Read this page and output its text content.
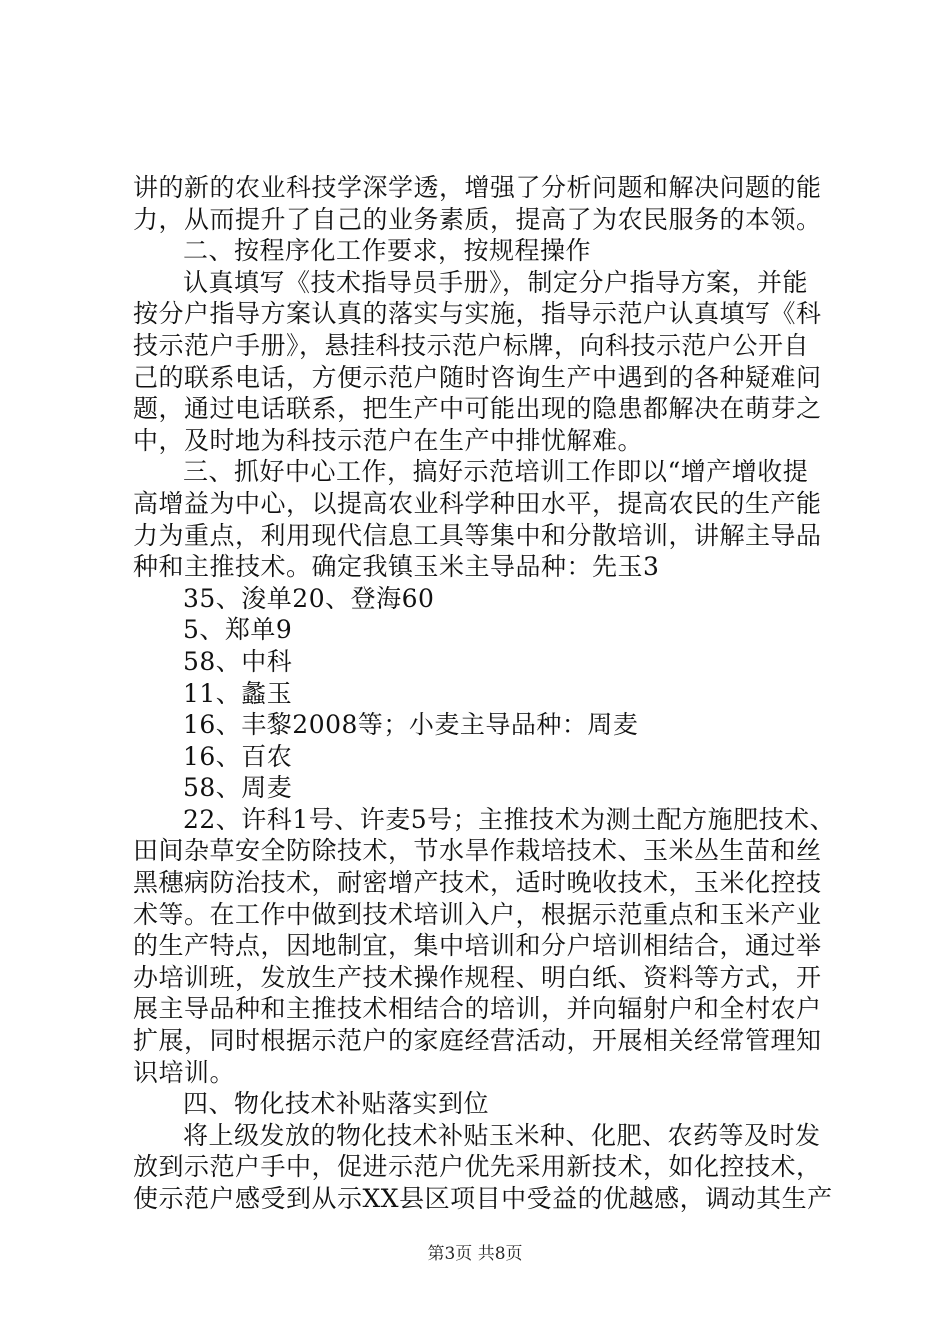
讲的新的农业科技学深学透，增强了分析问题和解决问题的能
力，从而提升了自己的业务素质，提高了为农民服务的本领。
二、按程序化工作要求，按规程操作
认真填写《技术指导员手册》，制定分户指导方案，并能
按分户指导方案认真的落实与实施，指导示范户认真填写《科
技示范户手册》，悬挂科技示范户标牌，向科技示范户公开自
己的联系电话，方便示范户随时咨询生产中遇到的各种疑难问
题，通过电话联系，把生产中可能出现的隐患都解决在萌芽之
中，及时地为科技示范户在生产中排忧解难。
三、抓好中心工作，搞好示范培训工作即以“增产增收提
高增益为中心，以提高农业科学种田水平，提高农民的生产能
力为重点，利用现代信息工具等集中和分散培训，讲解主导品
种和主推技术。确定我镇玉米主导品种：先玉3
35、浚单20、登海60
5、郑单9
58、中科
11、蠡玉
16、丰黎2008等；小麦主导品种：周麦
16、百农
58、周麦
22、许科1号、许麦5号；主推技术为测土配方施肥技术、
田间杂草安全防除技术，节水旱作栽培技术、玉米丛生苗和丝
黑穗病防治技术，耐密增产技术，适时晚收技术，玉米化控技
术等。在工作中做到技术培训入户，根据示范重点和玉米产业
的生产特点，因地制宜，集中培训和分户培训相结合，通过举
办培训班，发放生产技术操作规程、明白纸、资料等方式，开
展主导品种和主推技术相结合的培训，并向辐射户和全村农户
扩展，同时根据示范户的家庭经营活动，开展相关经常管理知
识培训。
四、物化技术补贴落实到位
将上级发放的物化技术补贴玉米种、化肥、农药等及时发
放到示范户手中，促进示范户优先采用新技术，如化控技术，
使示范户感受到从示XX县区项目中受益的优越感，调动其生产
第3页 共8页
